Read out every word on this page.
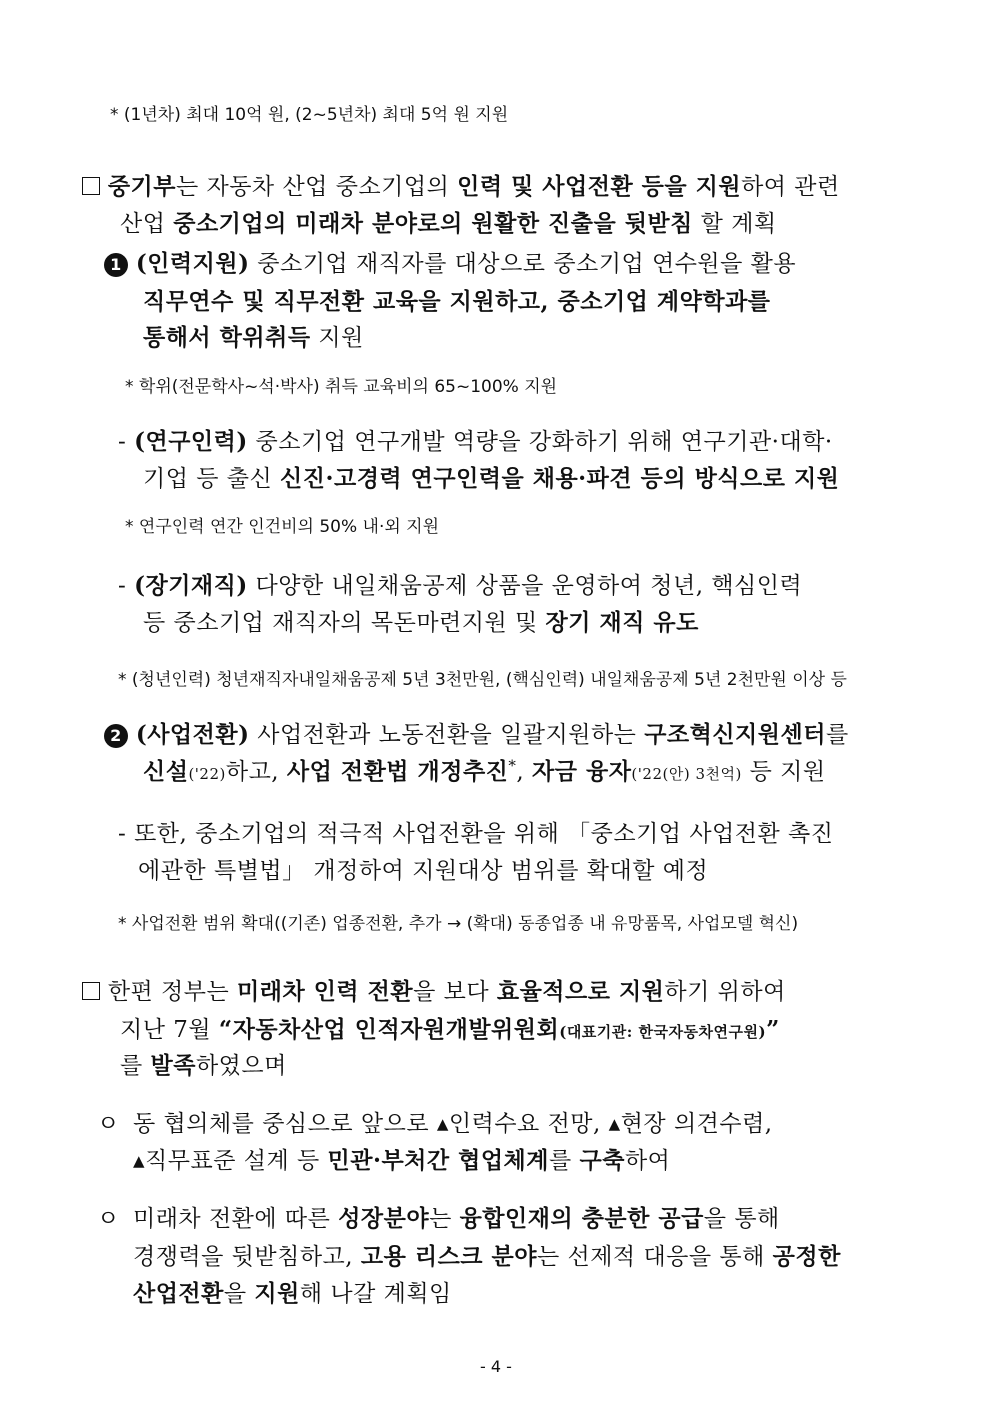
* (1년차) 최대 10억 원, (2~5년차) 최대 5억 원 지원
중기부는 자동차 산업 중소기업의 인력 및 사업전환 등을 지원하여 관련
산업 중소기업의 미래차 분야로의 원활한 진출을 뒷받침 할 계획
1 (인력지원) 중소기업 재직자를 대상으로 중소기업 연수원을 활용
직무연수 및 직무전환 교육을 지원하고, 중소기업 계약학과를
통해서 학위취득 지원
* 학위(전문학사~석·박사) 취득 교육비의 65~100% 지원
- (연구인력) 중소기업 연구개발 역량을 강화하기 위해 연구기관·대학·
기업 등 출신 신진·고경력 연구인력을 채용·파견 등의 방식으로 지원
* 연구인력 연간 인건비의 50% 내·외 지원
- (장기재직) 다양한 내일채움공제 상품을 운영하여 청년, 핵심인력
등 중소기업 재직자의 목돈마련지원 및 장기 재직 유도
* (청년인력) 청년재직자내일채움공제 5년 3천만원, (핵심인력) 내일채움공제 5년 2천만원 이상 등
2 (사업전환) 사업전환과 노동전환을 일괄지원하는 구조혁신지원센터를
신설('22)하고, 사업 전환법 개정추진*, 자금 융자('22(안) 3천억) 등 지원
- 또한, 중소기업의 적극적 사업전환을 위해 「중소기업 사업전환 촉진
에관한 특별법」 개정하여 지원대상 범위를 확대할 예정
* 사업전환 범위 확대((기존) 업종전환, 추가 → (확대) 동종업종 내 유망품목, 사업모델 혁신)
한편 정부는 미래차 인력 전환을 보다 효율적으로 지원하기 위하여
지난 7월 “자동차산업 인적자원개발위원회(대표기관: 한국자동차연구원)”
를 발족하였으며
ㅇ 동 협의체를 중심으로 앞으로 ▴인력수요 전망, ▴현장 의견수렴,
▴직무표준 설계 등 민관·부처간 협업체계를 구축하여
ㅇ 미래차 전환에 따른 성장분야는 융합인재의 충분한 공급을 통해
경쟁력을 뒷받침하고, 고용 리스크 분야는 선제적 대응을 통해 공정한
산업전환을 지원해 나갈 계획임
- 4 -
